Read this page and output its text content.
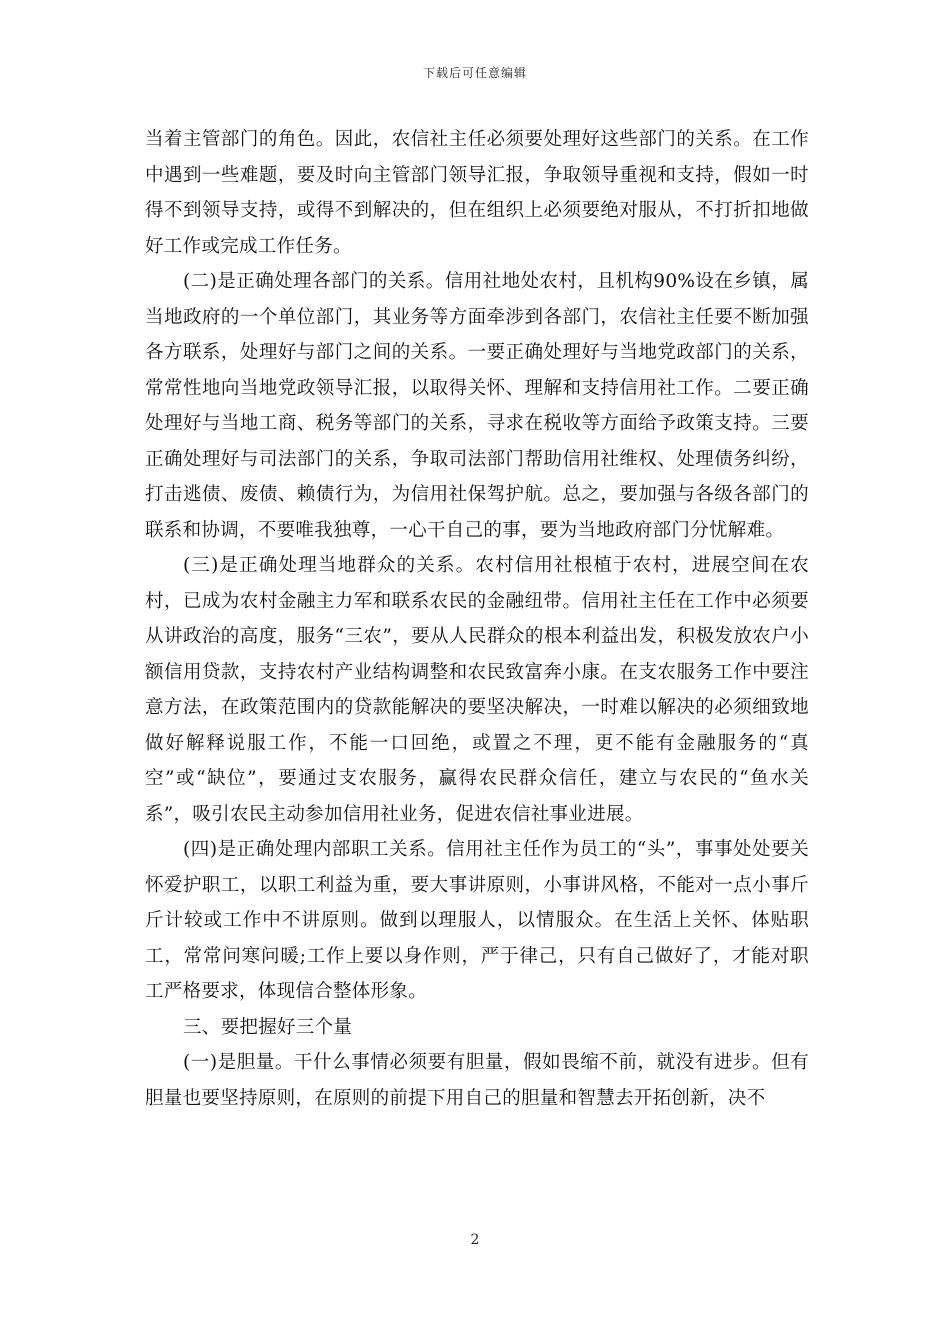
下载后可任意编辑

当着主管部门的角色。因此，农信社主任必须要处理好这些部门的关系。在工作中遇到一些难题，要及时向主管部门领导汇报，争取领导重视和支持，假如一时得不到领导支持，或得不到解决的，但在组织上必须要绝对服从，不打折扣地做好工作或完成工作任务。

(二)是正确处理各部门的关系。信用社地处农村，且机构90%设在乡镇，属当地政府的一个单位部门，其业务等方面牵涉到各部门，农信社主任要不断加强各方联系，处理好与部门之间的关系。一要正确处理好与当地党政部门的关系，常常性地向当地党政领导汇报，以取得关怀、理解和支持信用社工作。二要正确处理好与当地工商、税务等部门的关系，寻求在税收等方面给予政策支持。三要正确处理好与司法部门的关系，争取司法部门帮助信用社维权、处理债务纠纷，打击逃债、废债、赖债行为，为信用社保驾护航。总之，要加强与各级各部门的联系和协调，不要唯我独尊，一心干自己的事，要为当地政府部门分忧解难。

(三)是正确处理当地群众的关系。农村信用社根植于农村，进展空间在农村，已成为农村金融主力军和联系农民的金融纽带。信用社主任在工作中必须要从讲政治的高度，服务“三农”，要从人民群众的根本利益出发，积极发放农户小额信用贷款，支持农村产业结构调整和农民致富奔小康。在支农服务工作中要注意方法，在政策范围内的贷款能解决的要坚决解决，一时难以解决的必须细致地做好解释说服工作，不能一口回绝，或置之不理，更不能有金融服务的“真空”或“缺位”，要通过支农服务，赢得农民群众信任，建立与农民的“鱼水关系”，吸引农民主动参加信用社业务，促进农信社事业进展。

(四)是正确处理内部职工关系。信用社主任作为员工的“头”，事事处处要关怀爱护职工，以职工利益为重，要大事讲原则，小事讲风格，不能对一点小事斤斤计较或工作中不讲原则。做到以理服人，以情服众。在生活上关怀、体贴职工，常常问寒问暖;工作上要以身作则，严于律己，只有自己做好了，才能对职工严格要求，体现信合整体形象。

三、要把握好三个量

(一)是胆量。干什么事情必须要有胆量，假如畏缩不前，就没有进步。但有胆量也要坚持原则，在原则的前提下用自己的胆量和智慧去开拓创新，决不

2
